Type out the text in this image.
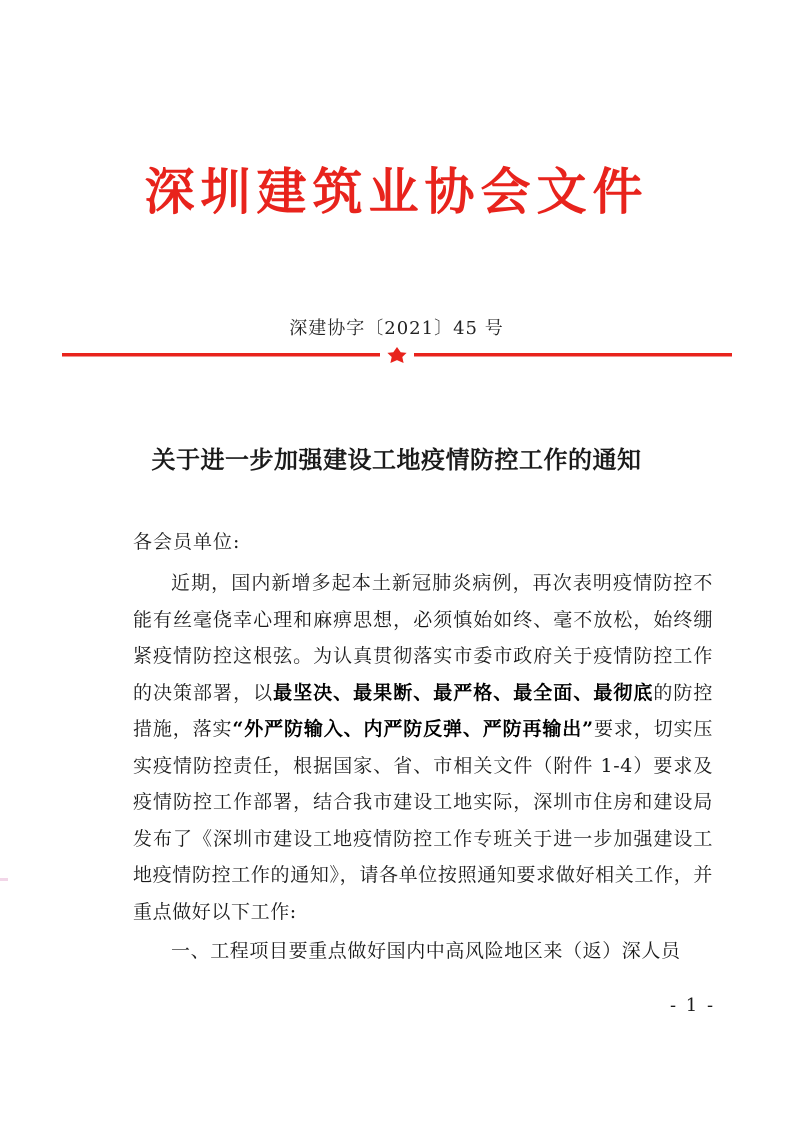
深圳建筑业协会文件
深建协字〔2021〕45 号
关于进一步加强建设工地疫情防控工作的通知
各会员单位:
近期，国内新增多起本土新冠肺炎病例，再次表明疫情防控不能有丝毫侥幸心理和麻痹思想，必须慎始如终、毫不放松，始终绷紧疫情防控这根弦。为认真贯彻落实市委市政府关于疫情防控工作的决策部署，以最坚决、最果断、最严格、最全面、最彻底的防控措施，落实“外严防输入、内严防反弹、严防再输出”要求，切实压实疫情防控责任，根据国家、省、市相关文件（附件 1-4）要求及疫情防控工作部署，结合我市建设工地实际，深圳市住房和建设局发布了《深圳市建设工地疫情防控工作专班关于进一步加强建设工地疫情防控工作的通知》，请各单位按照通知要求做好相关工作，并重点做好以下工作:
一、工程项目要重点做好国内中高风险地区来（返）深人员
- 1 -
